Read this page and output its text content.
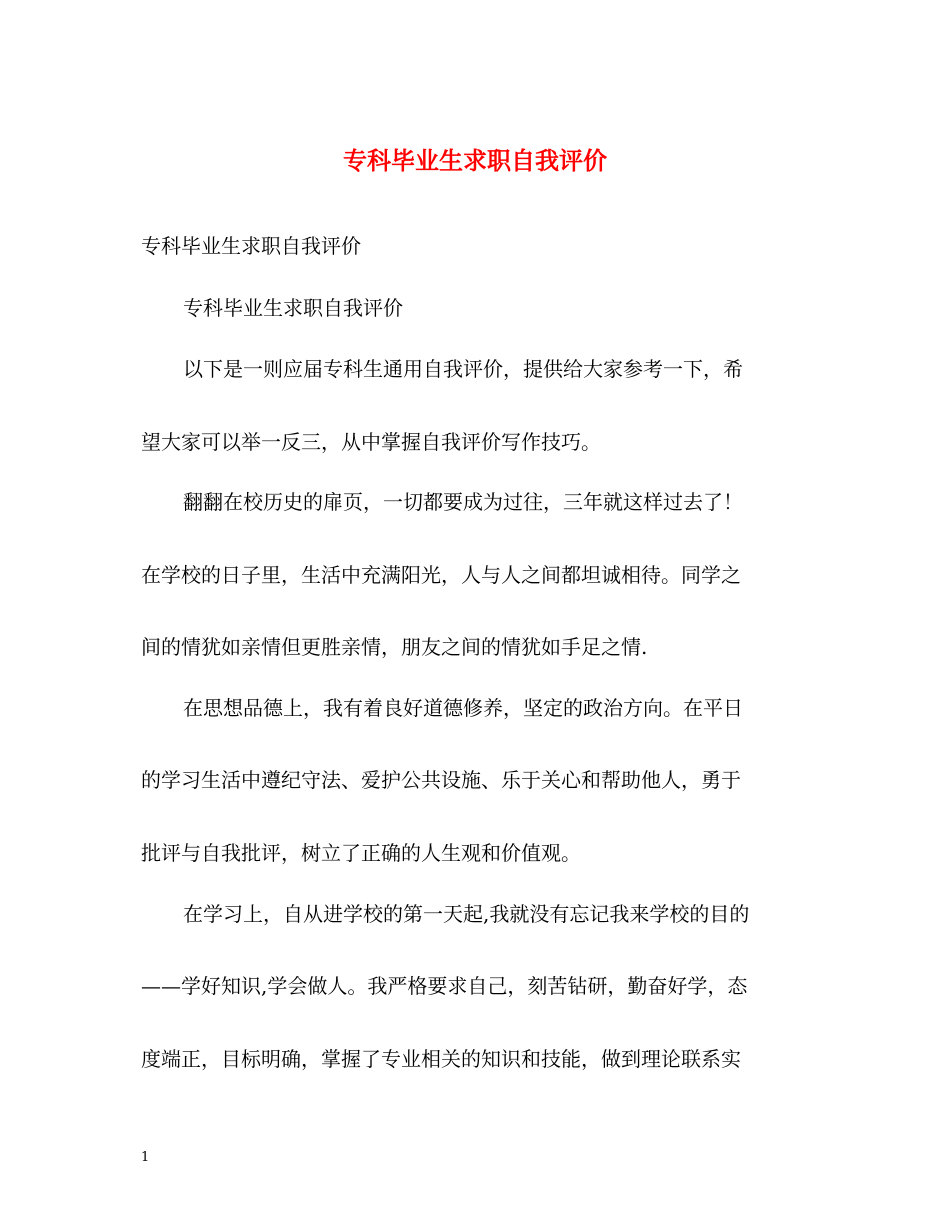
专科毕业生求职自我评价
专科毕业生求职自我评价
专科毕业生求职自我评价
以下是一则应届专科生通用自我评价，提供给大家参考一下，希
望大家可以举一反三，从中掌握自我评价写作技巧。
翻翻在校历史的扉页，一切都要成为过往，三年就这样过去了！
在学校的日子里，生活中充满阳光，人与人之间都坦诚相待。同学之
间的情犹如亲情但更胜亲情，朋友之间的情犹如手足之情.
在思想品德上，我有着良好道德修养，坚定的政治方向。在平日
的学习生活中遵纪守法、爱护公共设施、乐于关心和帮助他人，勇于
批评与自我批评，树立了正确的人生观和价值观。
在学习上，自从进学校的第一天起,我就没有忘记我来学校的目的
——学好知识,学会做人。我严格要求自己，刻苦钻研，勤奋好学，态
度端正，目标明确，掌握了专业相关的知识和技能，做到理论联系实
1
